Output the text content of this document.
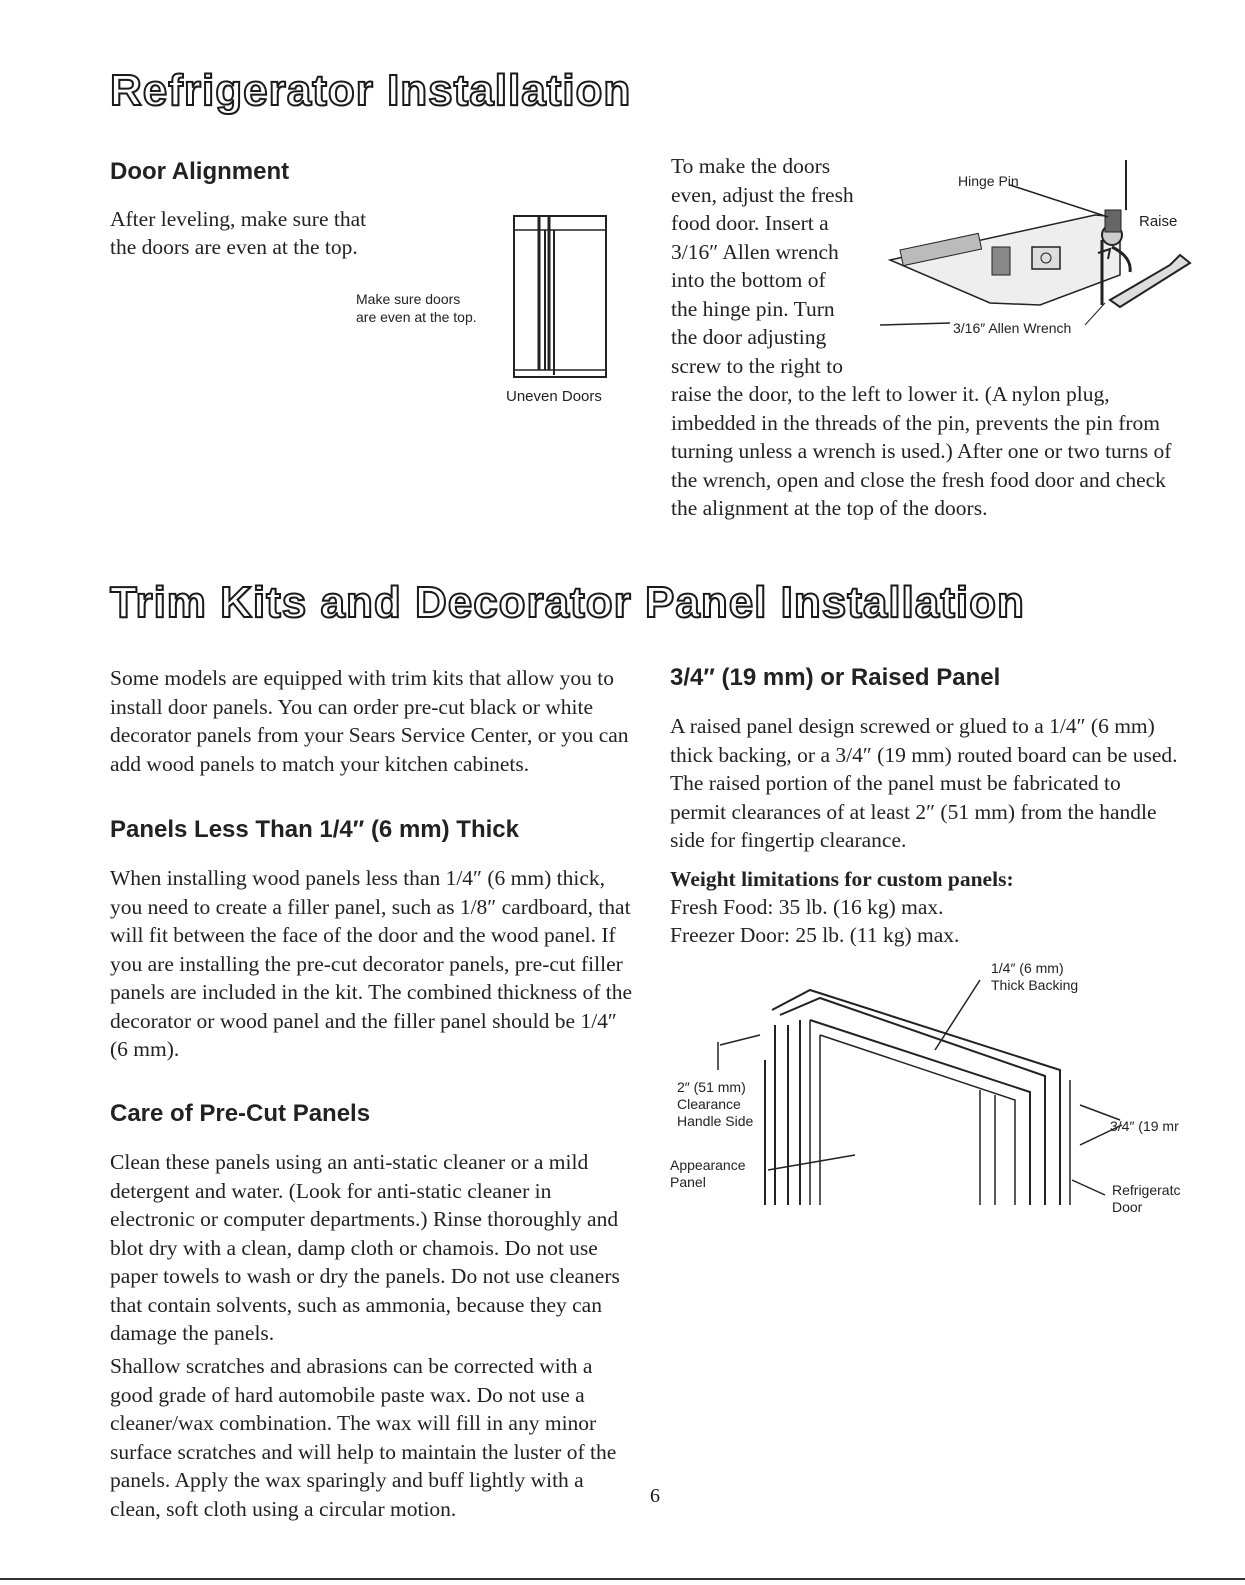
Refrigerator Installation
Door Alignment
After leveling, make sure that
the doors are even at the top.
Make sure doors
are even at the top.
Uneven Doors
To make the doors
even, adjust the fresh
food door. Insert a
3/16″ Allen wrench
into the bottom of
the hinge pin. Turn
the door adjusting
screw to the right to

raise the door, to the left to lower it. (A nylon plug, imbedded in the threads of the pin, prevents the pin from turning unless a wrench is used.) After one or two turns of the wrench, open and close the fresh food door and check the alignment at the top of the doors.

Hinge Pin
Raise
3/16″ Allen Wrench
Trim Kits and Decorator Panel Installation

Some models are equipped with trim kits that allow you to install door panels. You can order pre-cut black or white decorator panels from your Sears Service Center, or you can add wood panels to match your kitchen cabinets.

Panels Less Than 1/4″ (6 mm) Thick

When installing wood panels less than 1/4″ (6 mm) thick, you need to create a filler panel, such as 1/8″ cardboard, that will fit between the face of the door and the wood panel. If you are installing the pre-cut decorator panels, pre-cut filler panels are included in the kit. The combined thickness of the decorator or wood panel and the filler panel should be 1/4″ (6 mm).

Care of Pre-Cut Panels

Clean these panels using an anti-static cleaner or a mild detergent and water. (Look for anti-static cleaner in electronic or computer departments.) Rinse thoroughly and blot dry with a clean, damp cloth or chamois. Do not use paper towels to wash or dry the panels. Do not use cleaners that contain solvents, such as ammonia, because they can damage the panels.

Shallow scratches and abrasions can be corrected with a good grade of hard automobile paste wax. Do not use a cleaner/wax combination. The wax will fill in any minor surface scratches and will help to maintain the luster of the panels. Apply the wax sparingly and buff lightly with a clean, soft cloth using a circular motion.

3/4″ (19 mm) or Raised Panel

A raised panel design screwed or glued to a 1/4″ (6 mm) thick backing, or a 3/4″ (19 mm) routed board can be used. The raised portion of the panel must be fabricated to permit clearances of at least 2″ (51 mm) from the handle side for fingertip clearance.

Weight limitations for custom panels:
Fresh Food: 35 lb. (16 kg) max.
Freezer Door: 25 lb. (11 kg) max.
1/4″ (6 mm)
Thick Backing
2″ (51 mm)
Clearance
Handle Side
Appearance
Panel
3/4″ (19 mr
Refrigeratc
Door
6
